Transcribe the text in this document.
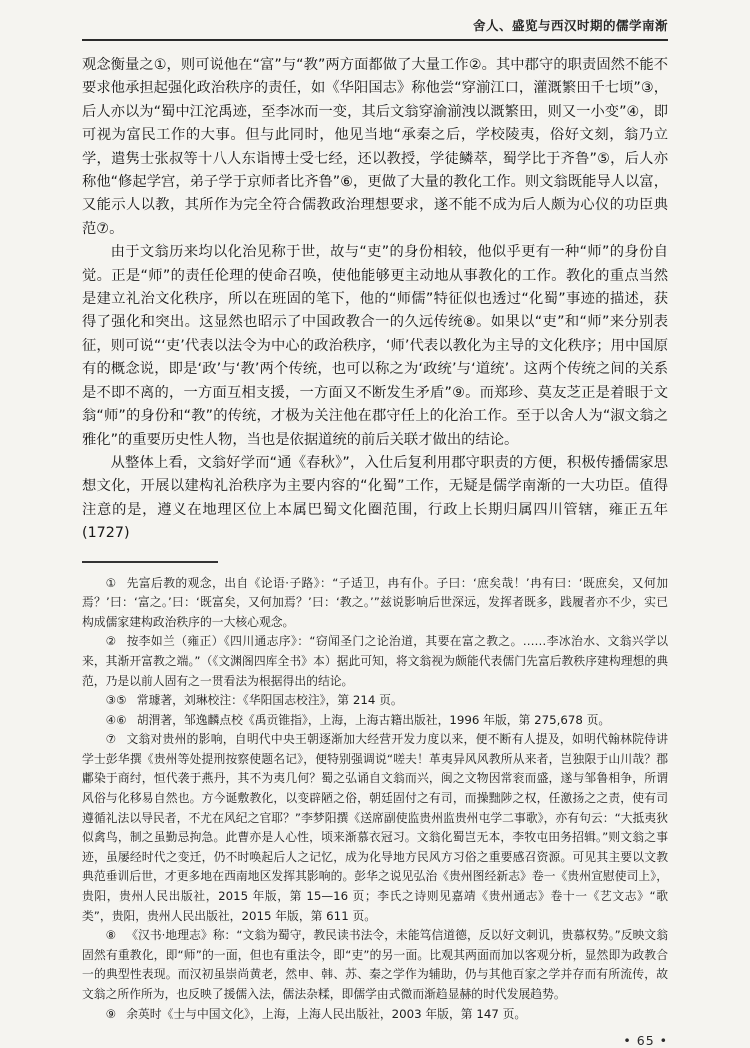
舍人、盛览与西汉时期的儒学南渐

观念衡量之①，则可说他在“富”与“教”两方面都做了大量工作②。其中郡守的职责固然不能不要求他承担起强化政治秩序的责任，如《华阳国志》称他尝“穿湔江口，灌溉繁田千七顷”③，后人亦以为“蜀中江沱禹迹，至李冰而一变，其后文翁穿渝湔洩以溉繁田，则又一小变”④，即可视为富民工作的大事。但与此同时，他见当地“承秦之后，学校陵夷，俗好文刻，翁乃立学，遣隽士张叔等十八人东诣博士受七经，还以教授，学徒鳞萃，蜀学比于齐鲁”⑤，后人亦称他“修起学宫，弟子学于京师者比齐鲁”⑥，更做了大量的教化工作。则文翁既能导人以富，又能示人以教，其所作为完全符合儒教政治理想要求，遂不能不成为后人颇为心仪的功臣典范⑦。

由于文翁历来均以化治见称于世，故与“吏”的身份相较，他似乎更有一种“师”的身份自觉。正是“师”的责任伦理的使命召唤，使他能够更主动地从事教化的工作。教化的重点当然是建立礼治文化秩序，所以在班固的笔下，他的“师儒”特征似也透过“化蜀”事迹的描述，获得了强化和突出。这显然也昭示了中国政教合一的久远传统⑧。如果以“吏”和“师”来分别表征，则可说“‘吏’代表以法令为中心的政治秩序，‘师’代表以教化为主导的文化秩序；用中国原有的概念说，即是‘政’与‘教’两个传统，也可以称之为‘政统’与‘道统’。这两个传统之间的关系是不即不离的，一方面互相支援，一方面又不断发生矛盾”⑨。而郑珍、莫友芝正是着眼于文翁“师”的身份和“教”的传统，才极为关注他在郡守任上的化治工作。至于以舍人为“淑文翁之雅化”的重要历史性人物，当也是依据道统的前后关联才做出的结论。

从整体上看，文翁好学而“通《春秋》”，入仕后复利用郡守职责的方便，积极传播儒家思想文化，开展以建构礼治秩序为主要内容的“化蜀”工作，无疑是儒学南渐的一大功臣。值得注意的是，遵义在地理区位上本属巴蜀文化圈范围，行政上长期归属四川管辖，雍正五年(1727)

① 先富后教的观念，出自《论语·子路》：“子适卫，冉有仆。子曰：‘庶矣哉！’冉有曰：‘既庶矣，又何加焉？’曰：‘富之。’曰：‘既富矣，又何加焉？’曰：‘教之。’”兹说影响后世深远，发挥者既多，践履者亦不少，实已构成儒家建构政治秩序的一大核心观念。

② 按李如兰（雍正）《四川通志序》：“窃闻圣门之论治道，其要在富之教之。……李冰治水、文翁兴学以来，其渐开富教之端。”（《文渊阁四库全书》本）据此可知，将文翁视为颇能代表儒门先富后教秩序建构理想的典范，乃是以前人固有之一贯看法为根据得出的结论。

③⑤ 常璩著，刘琳校注：《华阳国志校注》，第 214 页。

④⑥ 胡渭著，邹逸麟点校《禹贡锥指》，上海，上海古籍出版社，1996 年版，第 275,678 页。

⑦ 文翁对贵州的影响，自明代中央王朝逐渐加大经营开发力度以来，便不断有人提及，如明代翰林院侍讲学士彭华撰《贵州等处提刑按察使题名记》，便特别强调说“嗟夫！革夷异风风教所从来者，岂独限于山川哉？郡鄘染于商纣，恒代袭于燕丹，其不为夷几何？蜀之弘诵自文翁而兴，闽之文物因常衮而盛，遂与邹鲁相争，所谓风俗与化移易自然也。方今诞敷教化，以变辟陋之俗，朝廷固付之有司，而操黜陟之权，任激扬之之责，使有司遵循礼法以导民者，不尤在风纪之官耶？”李梦阳撰《送席副使监贵州监贵州屯学二事歌》，亦有句云：“大抵夷狄似禽鸟，制之虽勤忌拘急。此曹亦是人心性，顷来渐慕衣冠习。文翁化蜀岂无本，李牧屯田务招辑。”则文翁之事迹，虽屡经时代之变迁，仍不时唤起后人之记忆，成为化导地方民风方习俗之重要感召资源。可见其主要以文教典范垂训后世，才更多地在西南地区发挥其影响的。彭华之说见弘治《贵州图经新志》卷一《贵州宣慰使司上》，贵阳，贵州人民出版社，2015 年版，第 15—16 页；李氏之诗则见嘉靖《贵州通志》卷十一《艺文志》“歌类”，贵阳，贵州人民出版社，2015 年版，第 611 页。

⑧ 《汉书·地理志》称：“文翁为蜀守，教民读书法令，未能笃信道德，反以好文刺讥，贵慕权势。”反映文翁固然有重教化，即“师”的一面，但也有重法令，即“吏”的另一面。比观其两面而加以客观分析，显然即为政教合一的典型性表现。而汉初虽崇尚黄老，然申、韩、苏、秦之学作为辅助，仍与其他百家之学并存而有所流传，故文翁之所作所为，也反映了援儒入法，儒法杂糅，即儒学由式微而渐趋显赫的时代发展趋势。

⑨ 余英时《士与中国文化》，上海，上海人民出版社，2003 年版，第 147 页。

• 65 •
